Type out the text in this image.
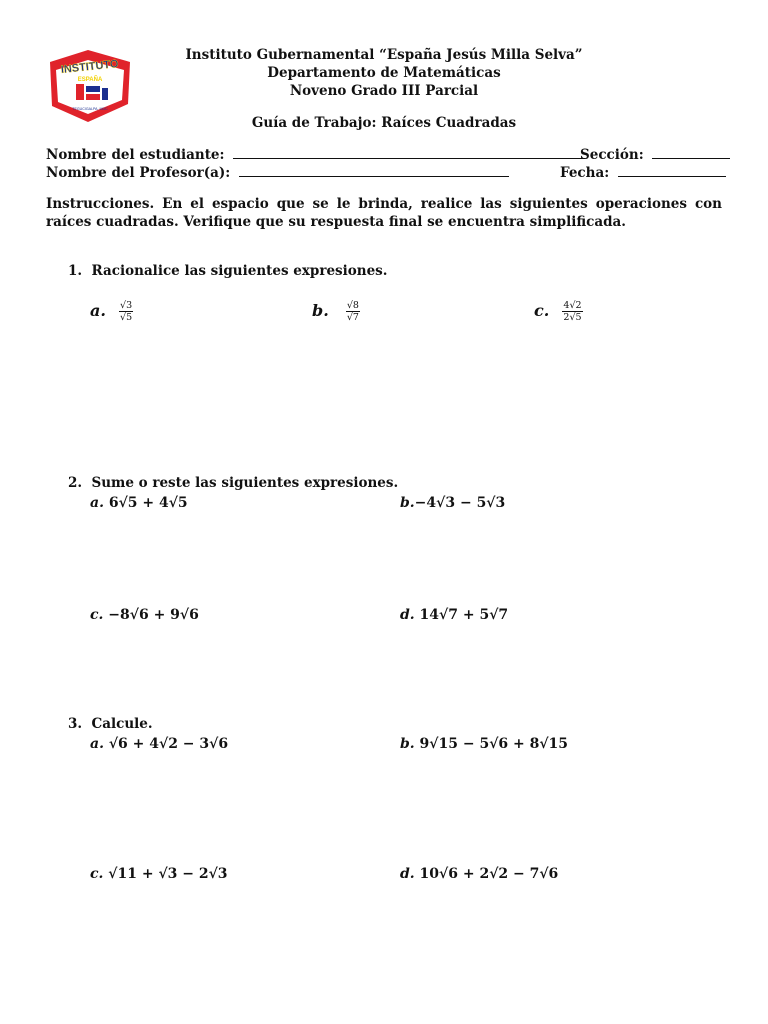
INSTITUTO
ESPAÑA
TEGUCIGALPA, MDC
Instituto Gubernamental “España Jesús Milla Selva”
Departamento de Matemáticas
Noveno Grado III Parcial
Guía de Trabajo: Raíces Cuadradas
Nombre del estudiante:	Sección:
Nombre del Profesor(a):	Fecha:
Instrucciones. En el espacio que se le brinda, realice las siguientes operaciones con raíces cuadradas. Verifique que su respuesta final se encuentra simplificada.
1.  Racionalice las siguientes expresiones.
a. $\frac{√3}{√5}$	b. $\frac{√8}{√7}$	c. $\frac{4√2}{2√5}$
2.  Sume o reste las siguientes expresiones.
a. 6√5 + 4√5	b.−4√3 − 5√3
c. −8√6 + 9√6	d. 14√7 + 5√7
3.  Calcule.
a. √6 + 4√2 − 3√6	b. 9√15 − 5√6 + 8√15
c. √11 + √3 − 2√3	d. 10√6 + 2√2 − 7√6
